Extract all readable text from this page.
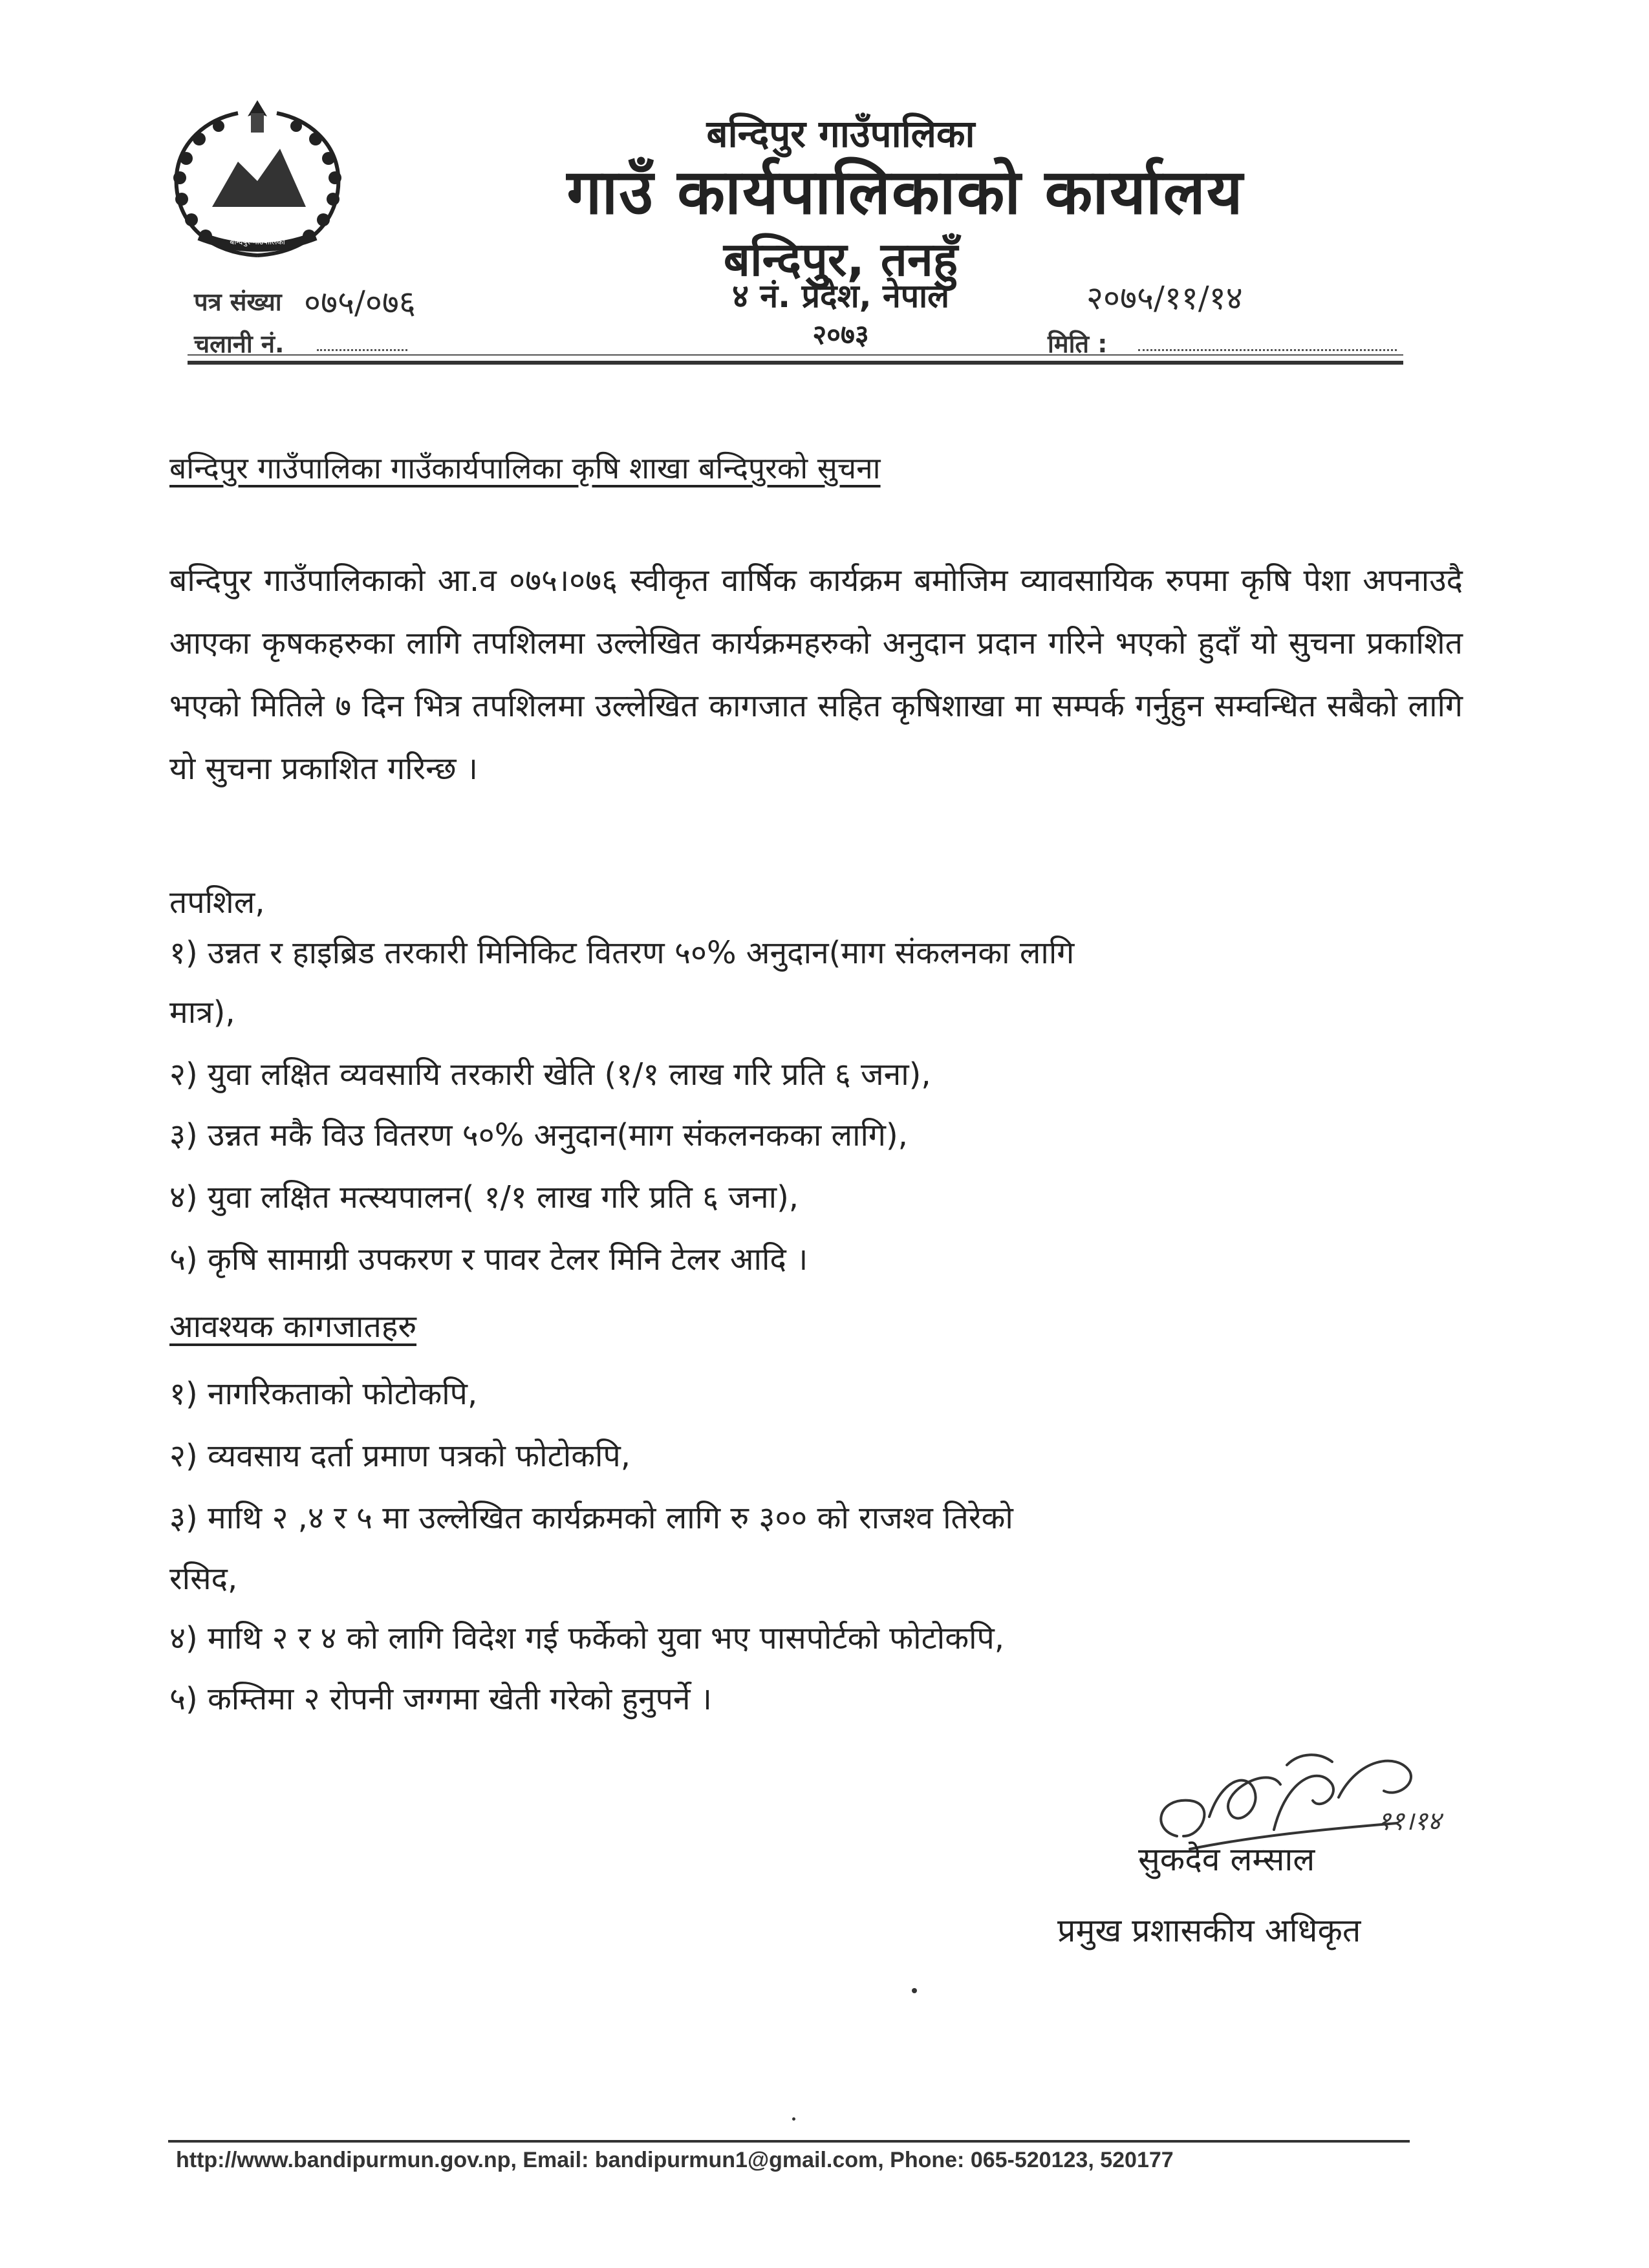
बन्दिपुर गाउँपालिका
बन्दिपुर गाउँपालिका
गाउँ कार्यपालिकाको कार्यालय
बन्दिपुर, तनहुँ
४ नं. प्रदेश, नेपाल
२०७३
पत्र संख्या ०७५/०७६
चलानी नं.
२०७५/११/१४
मिति :
बन्दिपुर गाउँपालिका गाउँकार्यपालिका कृषि शाखा बन्दिपुरको सुचना

बन्दिपुर गाउँपालिकाको आ.व ०७५।०७६ स्वीकृत वार्षिक कार्यक्रम बमोजिम व्यावसायिक रुपमा कृषि पेशा अपनाउदै आएका कृषकहरुका लागि तपशिलमा उल्लेखित कार्यक्रमहरुको अनुदान प्रदान गरिने भएको हुदाँ यो सुचना प्रकाशित भएको मितिले ७ दिन भित्र तपशिलमा उल्लेखित कागजात सहित कृषिशाखा मा सम्पर्क गर्नुहुन सम्वन्धित सबैको लागि यो सुचना प्रकाशित गरिन्छ ।

तपशिल,
१) उन्नत र हाइब्रिड तरकारी मिनिकिट वितरण ५०% अनुदान(माग संकलनका लागि
मात्र),
२) युवा लक्षित व्यवसायि तरकारी खेति (१/१ लाख गरि प्रति ६ जना),
३) उन्नत मकै विउ वितरण ५०% अनुदान(माग संकलनकका लागि),
४) युवा लक्षित मत्स्यपालन( १/१ लाख गरि प्रति ६ जना),
५) कृषि सामाग्री उपकरण र पावर टेलर मिनि टेलर आदि ।
आवश्यक कागजातहरु
१) नागरिकताको फोटोकपि,
२) व्यवसाय दर्ता प्रमाण पत्रको फोटोकपि,
३) माथि २ ,४ र ५ मा उल्लेखित कार्यक्रमको लागि रु ३०० को राजश्व तिरेको
रसिद,
४) माथि २ र ४ को लागि विदेश गई फर्केको युवा भए पासपोर्टको फोटोकपि,
५) कम्तिमा २ रोपनी जग्गमा खेती गरेको हुनुपर्ने ।
११।१४
सुकदेव लम्साल
प्रमुख प्रशासकीय अधिकृत
http://www.bandipurmun.gov.np, Email: bandipurmun1@gmail.com, Phone: 065-520123, 520177
